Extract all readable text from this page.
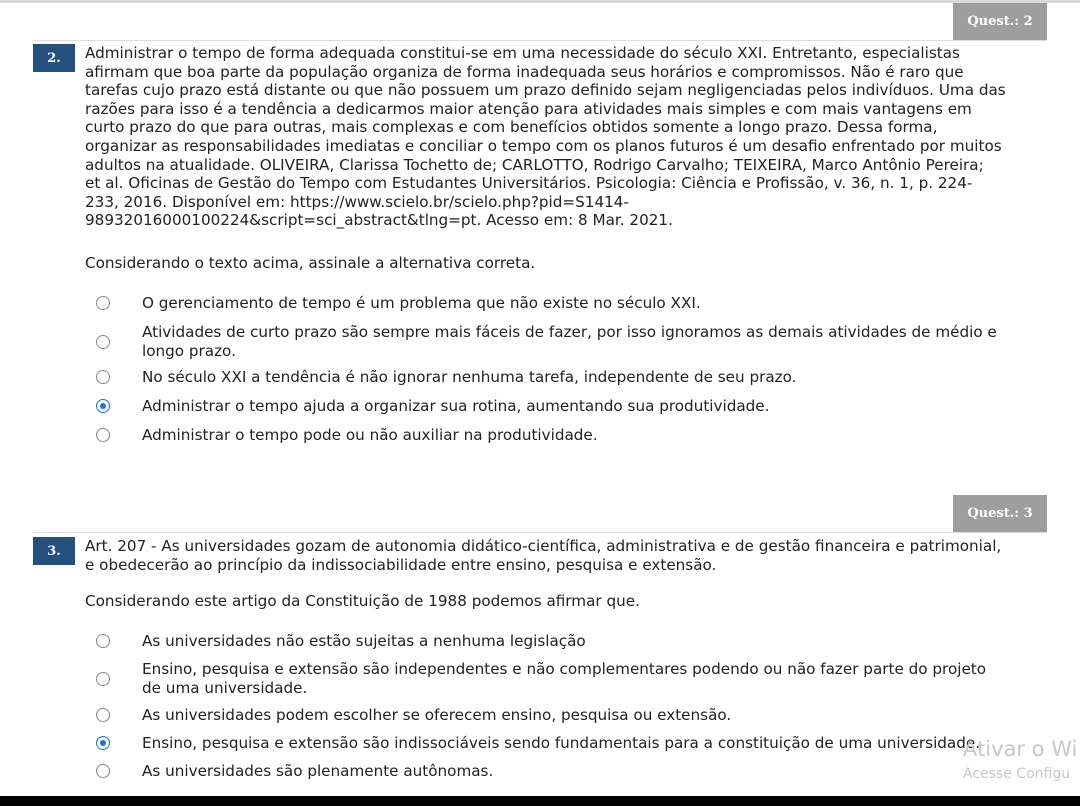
Quest.: 2
2.	Administrar o tempo de forma adequada constitui-se em uma necessidade do século XXI. Entretanto, especialistas
afirmam que boa parte da população organiza de forma inadequada seus horários e compromissos. Não é raro que
tarefas cujo prazo está distante ou que não possuem um prazo definido sejam negligenciadas pelos indivíduos. Uma das
razões para isso é a tendência a dedicarmos maior atenção para atividades mais simples e com mais vantagens em
curto prazo do que para outras, mais complexas e com benefícios obtidos somente a longo prazo. Dessa forma,
organizar as responsabilidades imediatas e conciliar o tempo com os planos futuros é um desafio enfrentado por muitos
adultos na atualidade. OLIVEIRA, Clarissa Tochetto de; CARLOTTO, Rodrigo Carvalho; TEIXEIRA, Marco Antônio Pereira;
et al. Oficinas de Gestão do Tempo com Estudantes Universitários. Psicologia: Ciência e Profissão, v. 36, n. 1, p. 224-
233, 2016. Disponível em: https://www.scielo.br/scielo.php?pid=S1414-
98932016000100224&script=sci_abstract&tlng=pt. Acesso em: 8 Mar. 2021.
Considerando o texto acima, assinale a alternativa correta.
O gerenciamento de tempo é um problema que não existe no século XXI.
Atividades de curto prazo são sempre mais fáceis de fazer, por isso ignoramos as demais atividades de médio e
longo prazo.
No século XXI a tendência é não ignorar nenhuma tarefa, independente de seu prazo.
Administrar o tempo ajuda a organizar sua rotina, aumentando sua produtividade.
Administrar o tempo pode ou não auxiliar na produtividade.
Quest.: 3
3.	Art. 207 - As universidades gozam de autonomia didático-científica, administrativa e de gestão financeira e patrimonial,
e obedecerão ao princípio da indissociabilidade entre ensino, pesquisa e extensão.
Considerando este artigo da Constituição de 1988 podemos afirmar que.
As universidades não estão sujeitas a nenhuma legislação
Ensino, pesquisa e extensão são independentes e não complementares podendo ou não fazer parte do projeto
de uma universidade.
As universidades podem escolher se oferecem ensino, pesquisa ou extensão.
Ensino, pesquisa e extensão são indissociáveis sendo fundamentais para a constituição de uma universidade.
As universidades são plenamente autônomas.
Ativar o Wi
Acesse Configu
